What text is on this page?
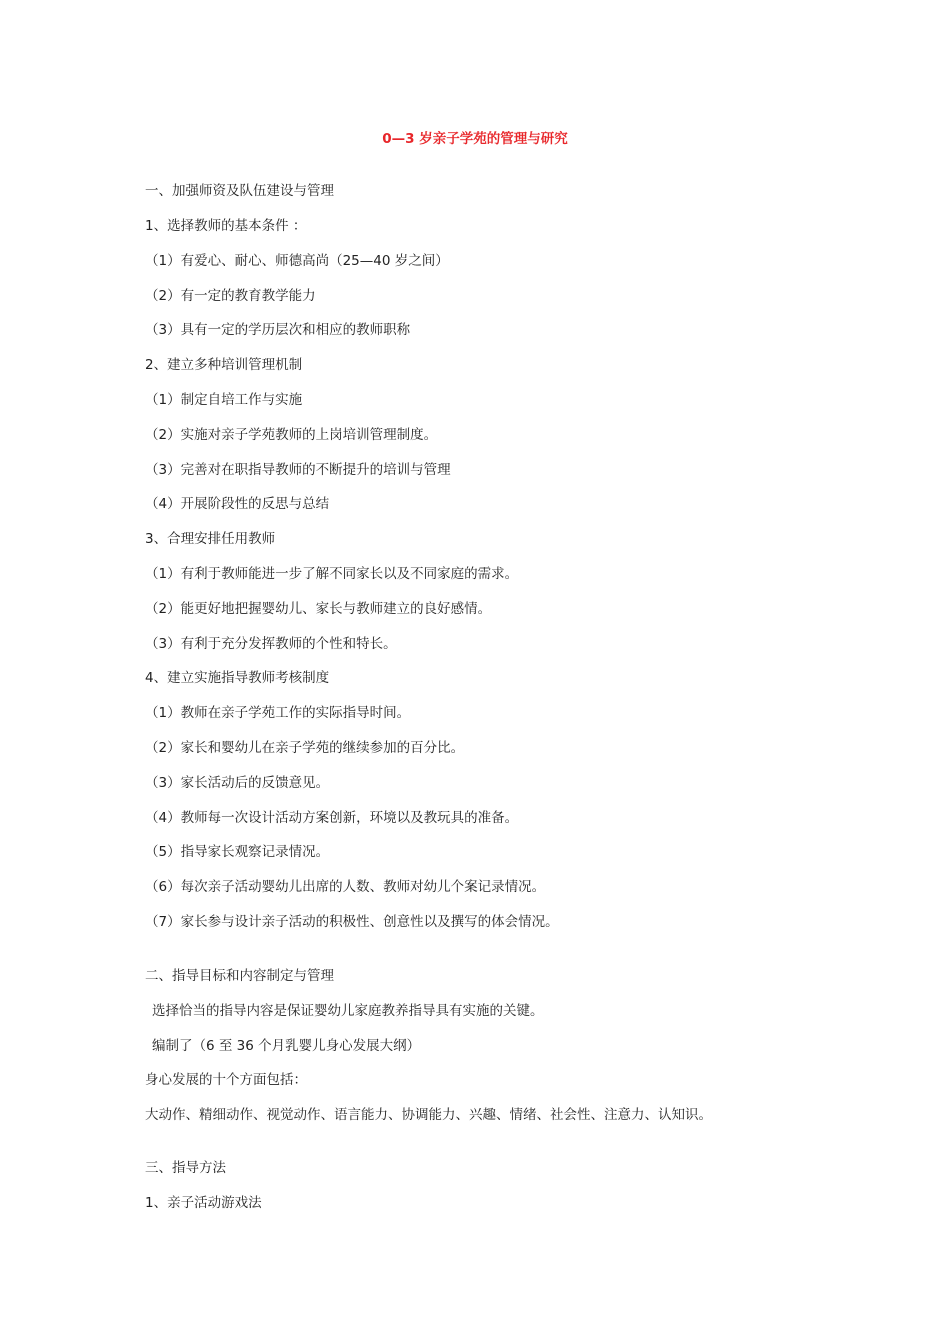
0—3 岁亲子学苑的管理与研究
一、加强师资及队伍建设与管理
1、选择教师的基本条件 ：
（1）有爱心、耐心、师德高尚（25—40 岁之间）
（2）有一定的教育教学能力
（3）具有一定的学历层次和相应的教师职称
2、建立多种培训管理机制
（1）制定自培工作与实施
（2）实施对亲子学苑教师的上岗培训管理制度。
（3）完善对在职指导教师的不断提升的培训与管理
（4）开展阶段性的反思与总结
3、合理安排任用教师
（1）有利于教师能进一步了解不同家长以及不同家庭的需求。
（2）能更好地把握婴幼儿、家长与教师建立的良好感情。
（3）有利于充分发挥教师的个性和特长。
4、建立实施指导教师考核制度
（1）教师在亲子学苑工作的实际指导时间。
（2）家长和婴幼儿在亲子学苑的继续参加的百分比。
（3）家长活动后的反馈意见。
（4）教师每一次设计活动方案创新，环境以及教玩具的准备。
（5）指导家长观察记录情况。
（6）每次亲子活动婴幼儿出席的人数、教师对幼儿个案记录情况。
（7）家长参与设计亲子活动的积极性、创意性以及撰写的体会情况。
二、指导目标和内容制定与管理
选择恰当的指导内容是保证婴幼儿家庭教养指导具有实施的关键。
编制了（6 至 36 个月乳婴儿身心发展大纲）
身心发展的十个方面包括：
大动作、精细动作、视觉动作、语言能力、协调能力、兴趣、情绪、社会性、注意力、认知识。
三、指导方法
1、亲子活动游戏法
